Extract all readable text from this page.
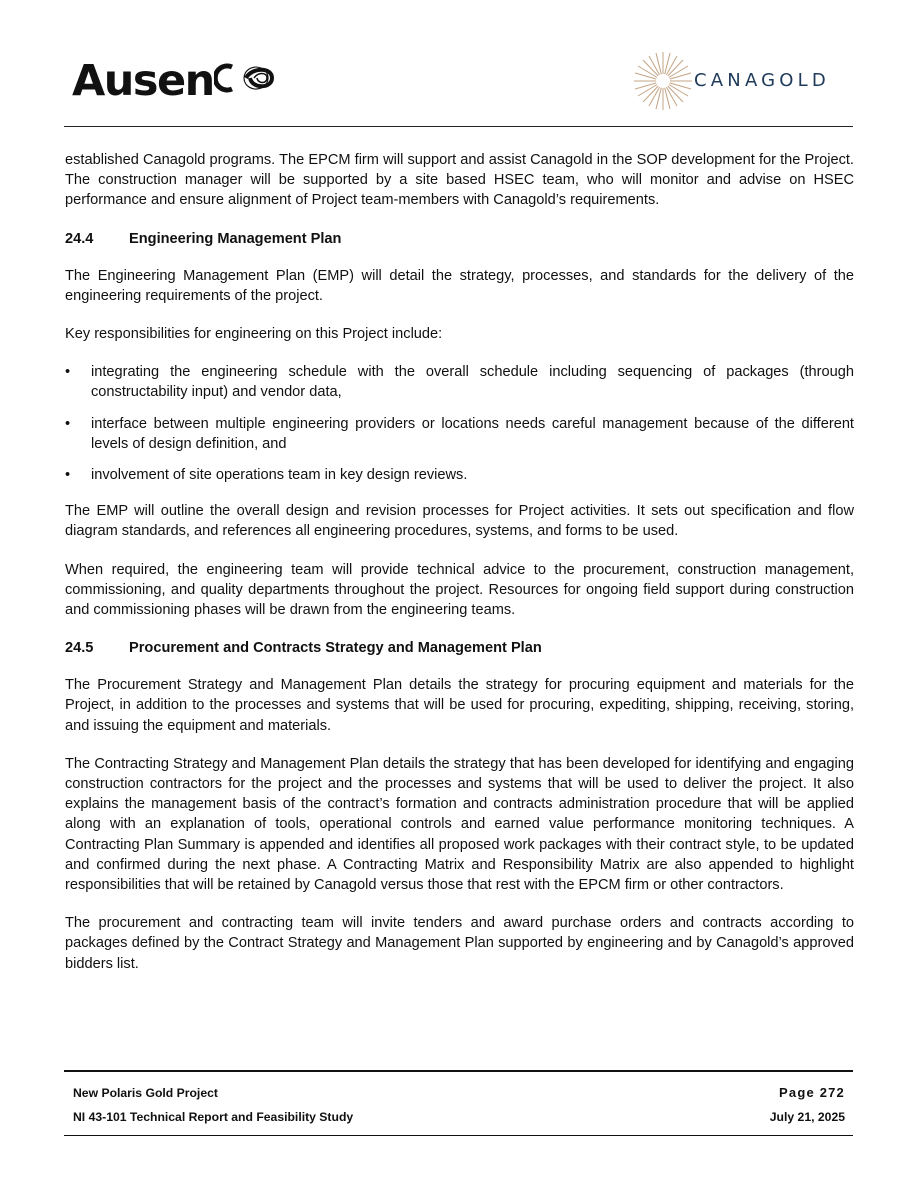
Ausen	CANAGOLD

established Canagold programs. The EPCM firm will support and assist Canagold in the SOP development for the Project. The construction manager will be supported by a site based HSEC team, who will monitor and advise on HSEC performance and ensure alignment of Project team-members with Canagold’s requirements.

24.4 Engineering Management Plan

The Engineering Management Plan (EMP) will detail the strategy, processes, and standards for the delivery of the engineering requirements of the project.

Key responsibilities for engineering on this Project include:

• integrating the engineering schedule with the overall schedule including sequencing of packages (through constructability input) and vendor data,
• interface between multiple engineering providers or locations needs careful management because of the different levels of design definition, and
• involvement of site operations team in key design reviews.

The EMP will outline the overall design and revision processes for Project activities. It sets out specification and flow diagram standards, and references all engineering procedures, systems, and forms to be used.

When required, the engineering team will provide technical advice to the procurement, construction management, commissioning, and quality departments throughout the project. Resources for ongoing field support during construction and commissioning phases will be drawn from the engineering teams.

24.5 Procurement and Contracts Strategy and Management Plan

The Procurement Strategy and Management Plan details the strategy for procuring equipment and materials for the Project, in addition to the processes and systems that will be used for procuring, expediting, shipping, receiving, storing, and issuing the equipment and materials.

The Contracting Strategy and Management Plan details the strategy that has been developed for identifying and engaging construction contractors for the project and the processes and systems that will be used to deliver the project. It also explains the management basis of the contract’s formation and contracts administration procedure that will be applied along with an explanation of tools, operational controls and earned value performance monitoring techniques. A Contracting Plan Summary is appended and identifies all proposed work packages with their contract style, to be updated and confirmed during the next phase. A Contracting Matrix and Responsibility Matrix are also appended to highlight responsibilities that will be retained by Canagold versus those that rest with the EPCM firm or other contractors.

The procurement and contracting team will invite tenders and award purchase orders and contracts according to packages defined by the Contract Strategy and Management Plan supported by engineering and by Canagold’s approved bidders list.

New Polaris Gold Project
NI 43-101 Technical Report and Feasibility Study
Page 272
July 21, 2025
